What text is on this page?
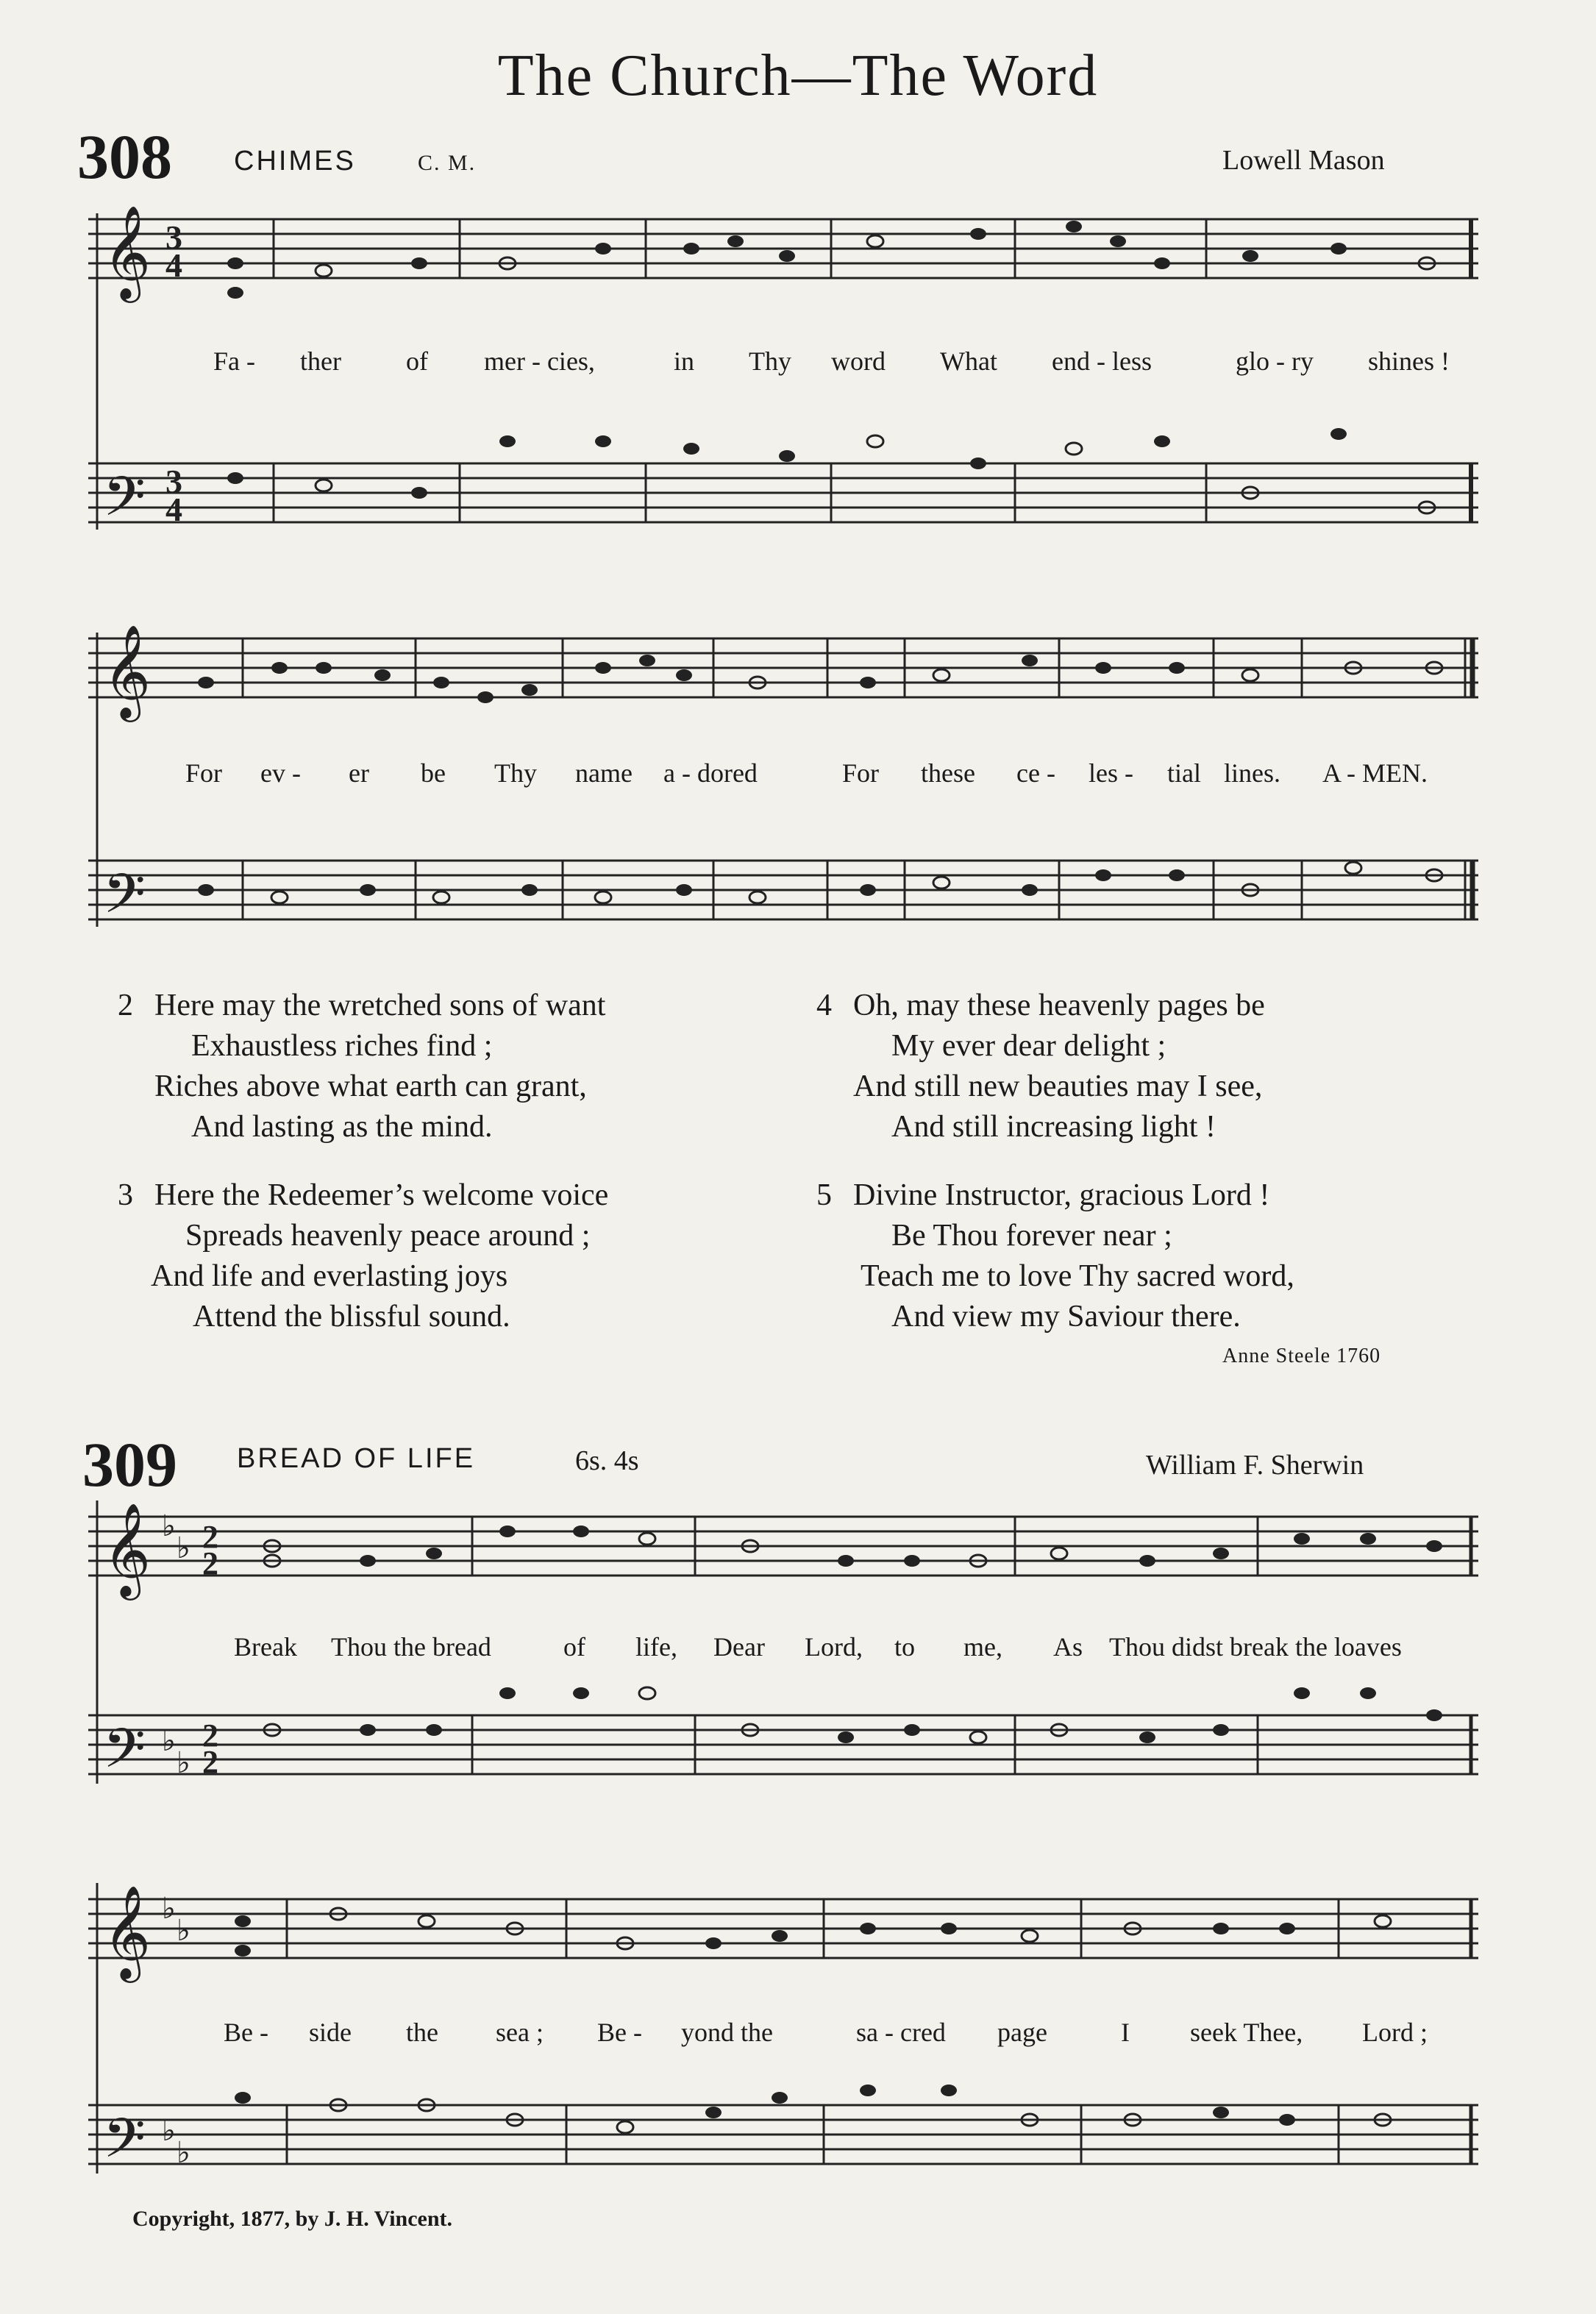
The Church—The Word
308 CHIMES	C. M.	Lowell Mason
𝄞
𝄢
3
4
3
4
Fa - ther of mer - cies,	in Thy word What end - less	glo - ry shines !
𝄞
𝄢
For ev - er be Thy name a - dored	For these ce - les - tial lines. A - MEN.
2 Here may the wretched sons of want
Exhaustless riches find ;
Riches above what earth can grant,
And lasting as the mind.
3 Here the Redeemer’s welcome voice
Spreads heavenly peace around ;
And life and everlasting joys
Attend the blissful sound.
4 Oh, may these heavenly pages be
My ever dear delight ;
And still new beauties may I see,
And still increasing light !
5 Divine Instructor, gracious Lord !
Be Thou forever near ;
Teach me to love Thy sacred word,
And view my Saviour there.
Anne Steele 1760
309 BREAD OF LIFE	6s. 4s	William F. Sherwin
𝄞
𝄢
♭
♭
♭
♭
2
2
2
2
Break Thou the bread	of life, Dear Lord, to me, As Thou didst break the loaves
𝄞
𝄢
♭
♭
♭
♭
Be - side the sea ; Be - yond the	sa - cred page	I seek Thee, Lord ;
Copyright, 1877, by J. H. Vincent.
